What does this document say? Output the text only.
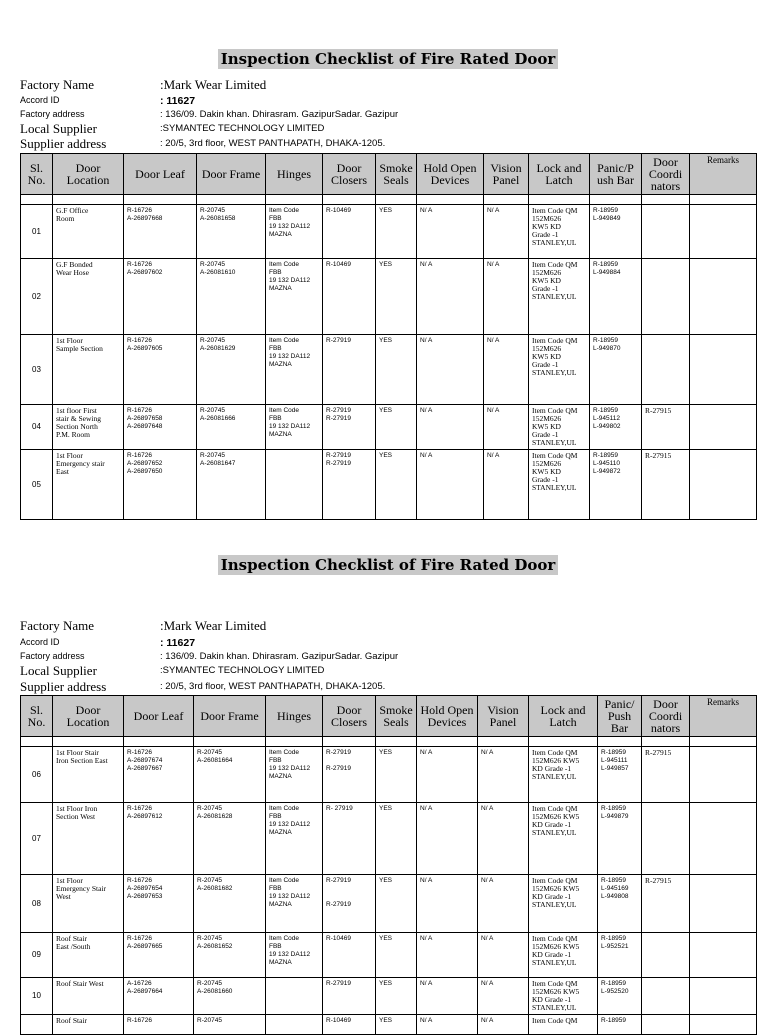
Inspection Checklist of Fire Rated Door
Factory Name	:Mark Wear Limited
Accord ID	: 11627
Factory address	: 136/09. Dakin khan. Dhirasram. GazipurSadar. Gazipur
Local Supplier	:SYMANTEC TECHNOLOGY LIMITED
Supplier address	: 20/5, 3rd floor, WEST PANTHAPATH, DHAKA-1205.
Sl. No.	Door Location	Door Leaf	Door Frame	Hinges	Door Closers	Smoke Seals	Hold Open Devices	Vision Panel	Lock and Latch	Panic/P ush Bar	Door Coordi nators	Remarks

01	G.F Office
Room	R-16726
A-26897668	R-20745
A-26081658	Item Code
FBB
19 132 DA112
MAZNA	R-10469	YES	N/ A	N/ A	Item Code QM
152M626
KW5 KD
Grade -1
STANLEY,UL	R-18959
L-949849		
02	G.F Bonded
Wear Hose	R-16726
A-26897602	R-20745
A-26081610	Item Code
FBB
19 132 DA112
MAZNA	R-10469	YES	N/ A	N/ A	Item Code QM
152M626
KW5 KD
Grade -1
STANLEY,UL	R-18959
L-949884		
03	1st Floor
Sample Section	R-16726
A-26897605	R-20745
A-26081629	Item Code
FBB
19 132 DA112
MAZNA	R-27919	YES	N/ A	N/ A	Item Code QM
152M626
KW5 KD
Grade -1
STANLEY,UL	R-18959
L-949870		
04	1st floor First
stair & Sewing
Section North
P.M. Room	R-16726
A-26897658
A-26897648	R-20745
A-26081666	Item Code
FBB
19 132 DA112
MAZNA	R-27919
R-27919	YES	N/ A	N/ A	Item Code QM
152M626
KW5 KD
Grade -1
STANLEY,UL	R-18959
L-945112
L-949802	R-27915	
05	1st Floor
Emergency stair
East	R-16726
A-26897652
A-26897650	R-20745
A-26081647		R-27919
R-27919	YES	N/ A	N/ A	Item Code QM
152M626
KW5 KD
Grade -1
STANLEY,UL	R-18959
L-945110
L-949872	R-27915	
Inspection Checklist of Fire Rated Door
Factory Name	:Mark Wear Limited
Accord ID	: 11627
Factory address	: 136/09. Dakin khan. Dhirasram. GazipurSadar. Gazipur
Local Supplier	:SYMANTEC TECHNOLOGY LIMITED
Supplier address	: 20/5, 3rd floor, WEST PANTHAPATH, DHAKA-1205.
Sl. No.	Door Location	Door Leaf	Door Frame	Hinges	Door Closers	Smoke Seals	Hold Open Devices	Vision Panel	Lock and Latch	Panic/ Push Bar	Door Coordi nators	Remarks

06	1st Floor Stair
Iron Section East	R-16726
A-26897674
A-26897667	R-20745
A-26081664	Item Code
FBB
19 132 DA112
MAZNA	R-27919

R-27919	YES	N/ A	N/ A	Item Code QM
152M626 KW5
KD Grade -1
STANLEY,UL	R-18959
L-945111
L-949857	R-27915	
07	1st Floor Iron
Section West	R-16726
A-26897612	R-20745
A-26081628	Item Code
FBB
19 132 DA112
MAZNA	R- 27919	YES	N/ A	N/ A	Item Code QM
152M626 KW5
KD Grade -1
STANLEY,UL	R-18959
L-949879		
08	1st Floor
Emergency Stair
West	R-16726
A-26897654
A-26897653	R-20745
A-26081682	Item Code
FBB
19 132 DA112
MAZNA	R-27919

R-27919	YES	N/ A	N/ A	Item Code QM
152M626 KW5
KD Grade -1
STANLEY,UL	R-18959
L-945169
L-949808	R-27915	
09	Roof Stair
East /South	R-16726
A-26897665	R-20745
A-26081652	Item Code
FBB
19 132 DA112
MAZNA	R-10469	YES	N/ A	N/ A	Item Code QM
152M626 KW5
KD Grade -1
STANLEY,UL	R-18959
L-952521		
10	Roof Stair West	A-16726
A-26897664	R-20745
A-26081660		R-27919	YES	N/ A	N/ A	Item Code QM
152M626 KW5
KD Grade -1
STANLEY,UL	R-18959
L-952520		
	Roof Stair	R-16726	R-20745		R-10469	YES	N/ A	N/ A	Item Code QM	R-18959		
